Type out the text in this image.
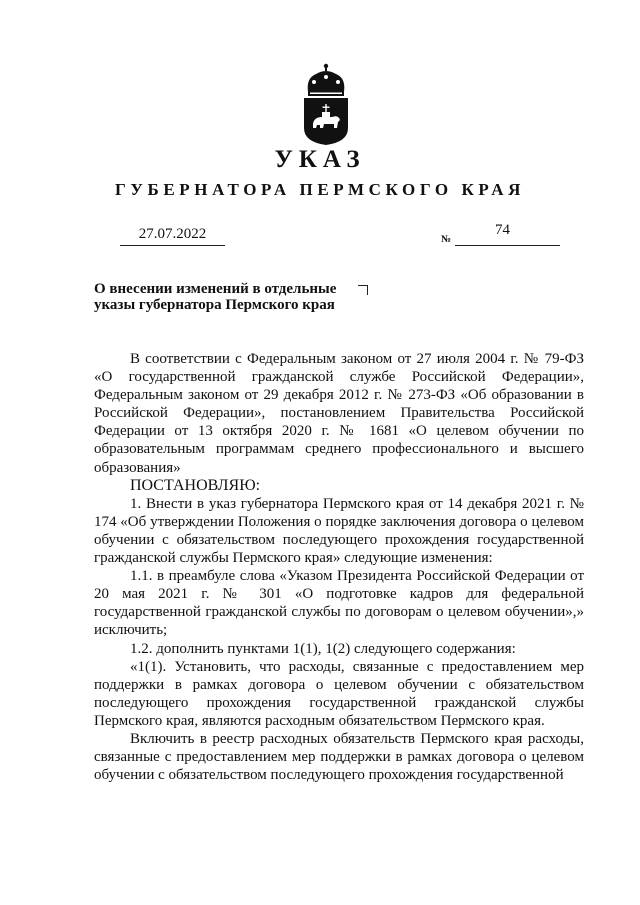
УКАЗ
ГУБЕРНАТОРА ПЕРМСКОГО КРАЯ
27.07.2022	№
74
О внесении изменений в отдельные
указы губернатора Пермского края

В соответствии с Федеральным законом от 27 июля 2004 г. № 79-ФЗ «О государственной гражданской службе Российской Федерации», Федеральным законом от 29 декабря 2012 г. № 273-ФЗ «Об образовании в Российской Федерации», постановлением Правительства Российской Федерации от 13 октября 2020 г. № 1681 «О целевом обучении по образовательным программам среднего профессионального и высшего образования»

ПОСТАНОВЛЯЮ:

1. Внести в указ губернатора Пермского края от 14 декабря 2021 г. № 174 «Об утверждении Положения о порядке заключения договора о целевом обучении с обязательством последующего прохождения государственной гражданской службы Пермского края» следующие изменения:

1.1. в преамбуле слова «Указом Президента Российской Федерации от 20 мая 2021 г. № 301 «О подготовке кадров для федеральной государственной гражданской службы по договорам о целевом обучении»,» исключить;

1.2. дополнить пунктами 1(1), 1(2) следующего содержания:

«1(1). Установить, что расходы, связанные с предоставлением мер поддержки в рамках договора о целевом обучении с обязательством последующего прохождения государственной гражданской службы Пермского края, являются расходным обязательством Пермского края.

Включить в реестр расходных обязательств Пермского края расходы, связанные с предоставлением мер поддержки в рамках договора о целевом обучении с обязательством последующего прохождения государственной
